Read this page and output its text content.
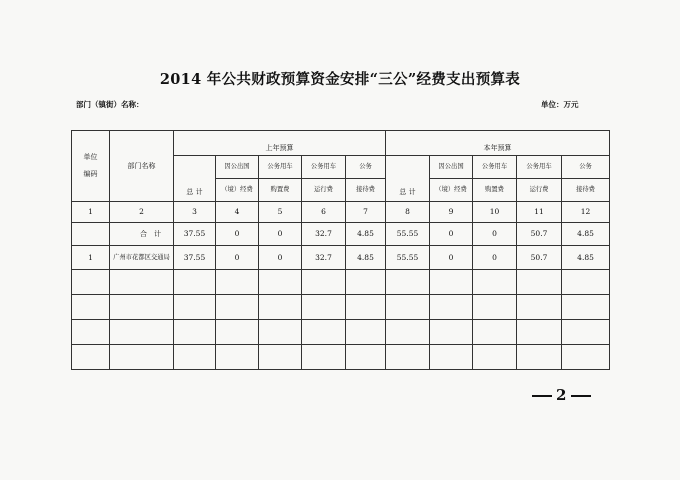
2014 年公共财政预算资金安排“三公”经费支出预算表
部门（镇街）名称：	单位：万元
单位

编码	部门名称	上年预算					本年预算				
		总 计	因公出国	公务用车	公务用车	公务	总 计	因公出国	公务用车	公务用车	公务
			（境）经费	购置费	运行费	接待费		（境）经费	购置费	运行费	接待费
1	2	3	4	5	6	7	8	9	10	11	12
	合　计	37.55	0	0	32.7	4.85	55.55	0	0	50.7	4.85
1	广州市花都区交通局	37.55	0	0	32.7	4.85	55.55	0	0	50.7	4.85

2
